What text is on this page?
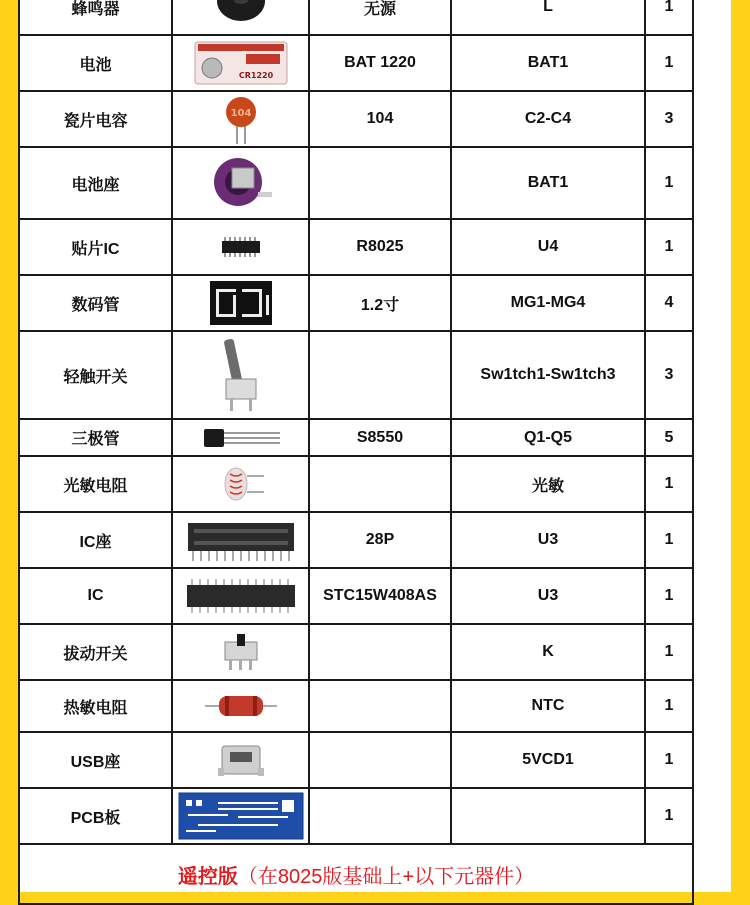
蜂鸣器		无源	L	1
电池	CR1220	BAT 1220	BAT1	1
瓷片电容	104	104	C2-C4	3
电池座			BAT1	1
贴片IC		R8025	U4	1
数码管		1.2寸	MG1-MG4	4
轻触开关			Sw1tch1-Sw1tch3	3
三极管		S8550	Q1-Q5	5
光敏电阻			光敏	1
IC座		28P	U3	1
IC		STC15W408AS	U3	1
拔动开关			K	1
热敏电阻			NTC	1
USB座			5VCD1	1
PCB板				1
遥控版（在8025版基础上+以下元器件）				
